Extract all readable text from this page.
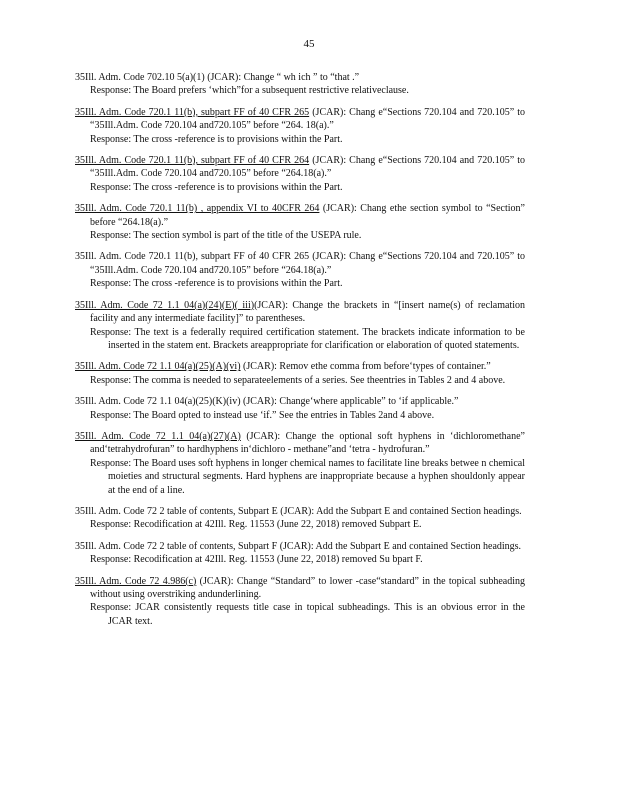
45
35Ill. Adm. Code 702.10 5(a)(1) (JCAR): Change “ wh ich ” to “that .”
Response: The Board prefers ‘which”for a subsequent restrictive relativeclause.
35Ill. Adm. Code 720.1 11(b), subpart FF of 40 CFR 265 (JCAR): Chang e“Sections 720.104 and 720.105” to “35Ill.Adm. Code 720.104 and720.105” before “264. 18(a).”
Response: The cross -reference is to provisions within the Part.
35Ill. Adm. Code 720.1 11(b), subpart FF of 40 CFR 264 (JCAR): Chang e“Sections 720.104 and 720.105” to “35Ill.Adm. Code 720.104 and720.105” before “264.18(a).”
Response: The cross -reference is to provisions within the Part.
35Ill. Adm. Code 720.1 11(b) , appendix VI to 40CFR 264 (JCAR): Chang ethe section symbol to “Section” before “264.18(a).”
Response: The section symbol is part of the title of the USEPA rule.
35Ill. Adm. Code 720.1 11(b), subpart FF of 40 CFR 265 (JCAR): Chang e“Sections 720.104 and 720.105” to “35Ill.Adm. Code 720.104 and720.105” before “264.18(a).”
Response: The cross -reference is to provisions within the Part.
35Ill. Adm. Code 72 1.1 04(a)(24)(E)( iii)(JCAR): Change the brackets in “[insert name(s) of reclamation facility and any intermediate facility]” to parentheses.
Response: The text is a federally required certification statement. The brackets indicate information to be inserted in the statem ent. Brackets areappropriate for clarification or elaboration of quoted statements.
35Ill. Adm. Code 72 1.1 04(a)(25)(A)(vi) (JCAR): Remov ethe comma from before‘types of container.”
Response: The comma is needed to separateelements of a series. See theentries in Tables 2 and 4 above.
35Ill. Adm. Code 72 1.1 04(a)(25)(K)(iv) (JCAR): Change‘where applicable” to ‘if applicable.”
Response: The Board opted to instead use ‘if.” See the entries in Tables 2and 4 above.
35Ill. Adm. Code 72 1.1 04(a)(27)(A) (JCAR): Change the optional soft hyphens in ‘dichloromethane” and‘tetrahydrofuran” to hardhyphens in‘dichloro - methane”and ‘tetra - hydrofuran.”
Response: The Board uses soft hyphens in longer chemical names to facilitate line breaks betwee n chemical moieties and structural segments. Hard hyphens are inappropriate because a hyphen shouldonly appear at the end of a line.
35Ill. Adm. Code 72 2 table of contents, Subpart E (JCAR): Add the Subpart E and contained Section headings.
Response: Recodification at 42Ill. Reg. 11553 (June 22, 2018) removed Subpart E.
35Ill. Adm. Code 72 2 table of contents, Subpart F (JCAR): Add the Subpart E and contained Section headings.
Response: Recodification at 42Ill. Reg. 11553 (June 22, 2018) removed Su bpart F.
35Ill. Adm. Code 72 4.986(c) (JCAR): Change “Standard” to lower -case“standard” in the topical subheading without using overstriking andunderlining.
Response: JCAR consistently requests title case in topical subheadings. This is an obvious error in the JCAR text.
